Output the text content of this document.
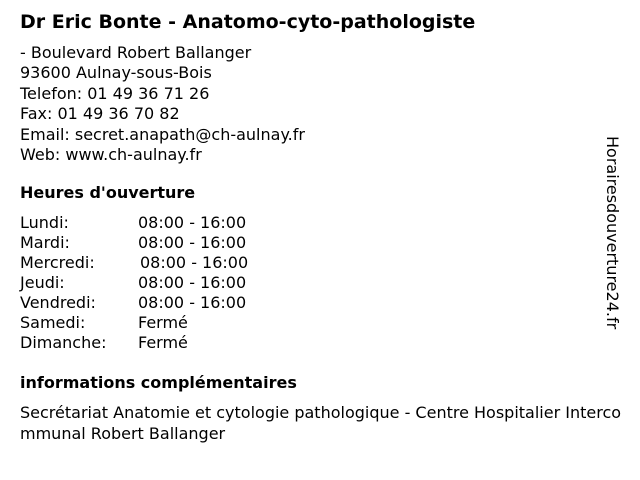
Dr Eric Bonte - Anatomo-cyto-pathologiste
- Boulevard Robert Ballanger
93600 Aulnay-sous-Bois
Telefon: 01 49 36 71 26
Fax: 01 49 36 70 82
Email: secret.anapath@ch-aulnay.fr
Web: www.ch-aulnay.fr
Heures d'ouverture
Lundi:	08:00 - 16:00
Mardi:	08:00 - 16:00
Mercredi:	08:00 - 16:00
Jeudi:	08:00 - 16:00
Vendredi:	08:00 - 16:00
Samedi:	Fermé
Dimanche: Fermé
informations complémentaires
Secrétariat Anatomie et cytologie pathologique - Centre Hospitalier Intercommunal Robert Ballanger
Horairesdouverture24.fr
